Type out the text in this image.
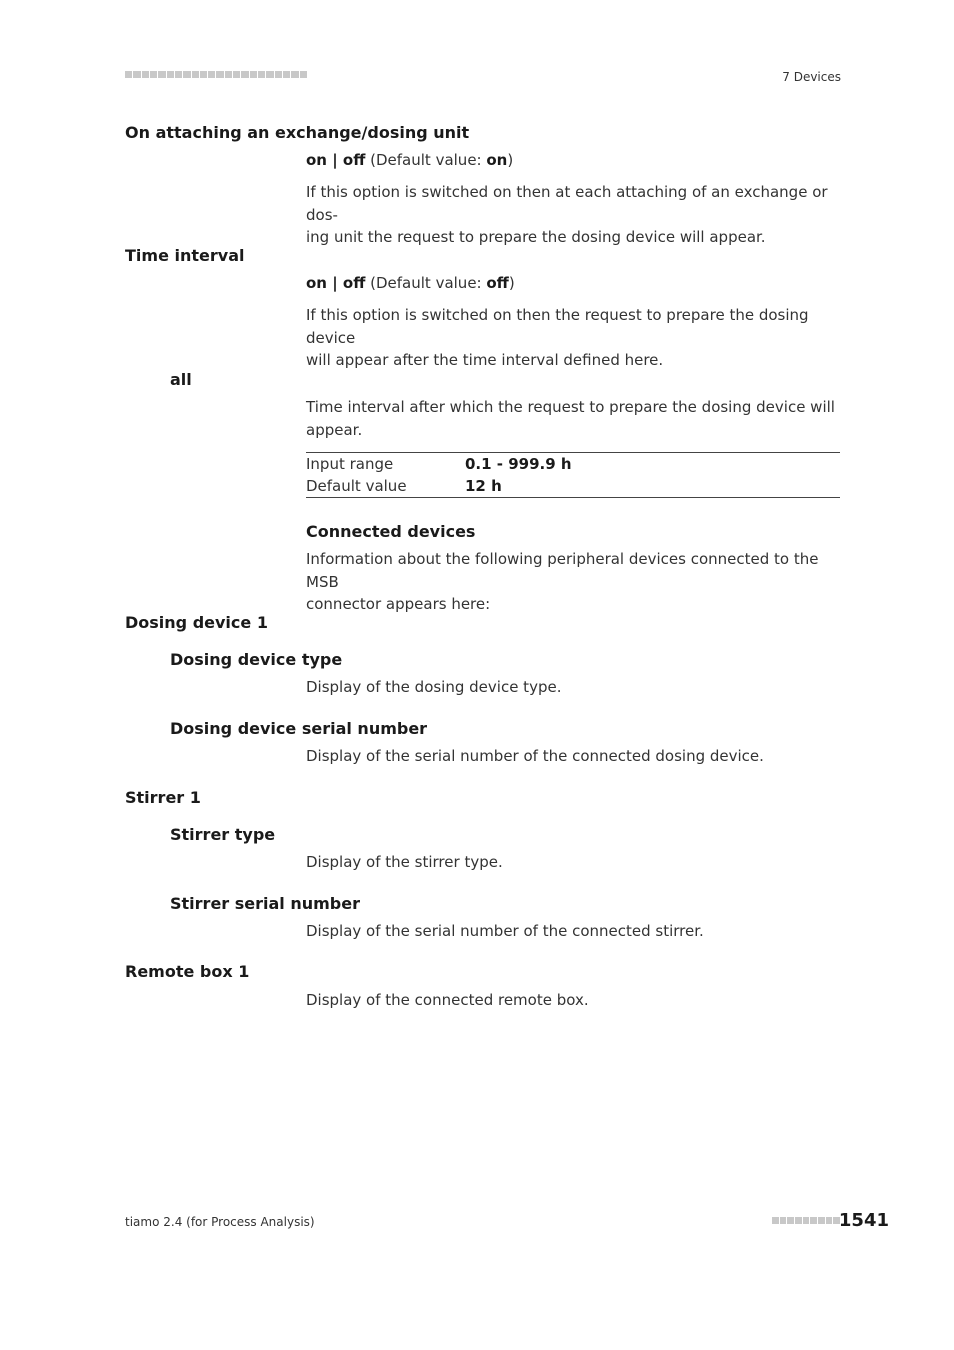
7 Devices
On attaching an exchange/dosing unit
on | off (Default value: on)
If this option is switched on then at each attaching of an exchange or dos-
ing unit the request to prepare the dosing device will appear.
Time interval
on | off (Default value: off)
If this option is switched on then the request to prepare the dosing device
will appear after the time interval defined here.
all
Time interval after which the request to prepare the dosing device will
appear.
Input range	0.1 - 999.9 h
Default value	12 h
Connected devices
Information about the following peripheral devices connected to the MSB
connector appears here:
Dosing device 1
Dosing device type
Display of the dosing device type.
Dosing device serial number
Display of the serial number of the connected dosing device.
Stirrer 1
Stirrer type
Display of the stirrer type.
Stirrer serial number
Display of the serial number of the connected stirrer.
Remote box 1
Display of the connected remote box.
tiamo 2.4 (for Process Analysis)	1541
